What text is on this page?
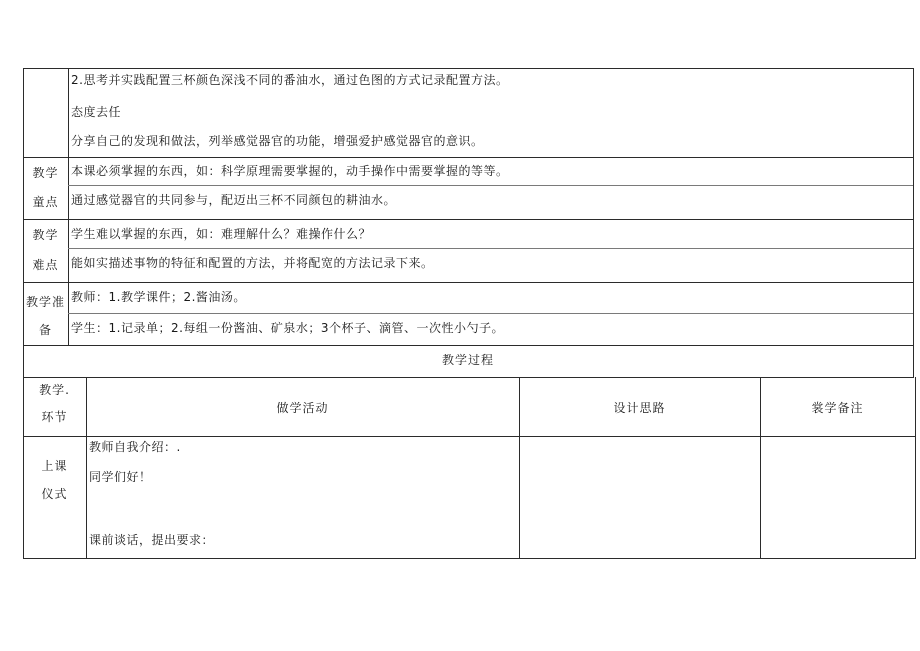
2.思考并实践配置三杯颜色深浅不同的番油水，通过色图的方式记录配置方法。
态度去任
分享自己的发现和做法，列举感觉器官的功能，增强爱护感觉器官的意识。
教学
童点
本课必须掌握的东西，如：科学原理需要掌握的，动手操作中需要掌握的等等。
通过感觉器官的共同参与，配迈出三杯不同颜包的耕油水。
教学
难点
学生难以掌握的东西，如：难理解什么？难操作什么？
能如实描述事物的特征和配置的方法，并将配宽的方法记录下来。
教学准
备
教师：1.教学课件；2.酱油汤。
学生：1.记录单；2.每组一份酱油、矿泉水；3个杯子、滴管、一次性小勺子。
教学过程
教学.
环节
做学活动	设计思路	裳学备注
上课
仪式
教师自我介绍：.
同学们好！
课前谈话，提出要求：
